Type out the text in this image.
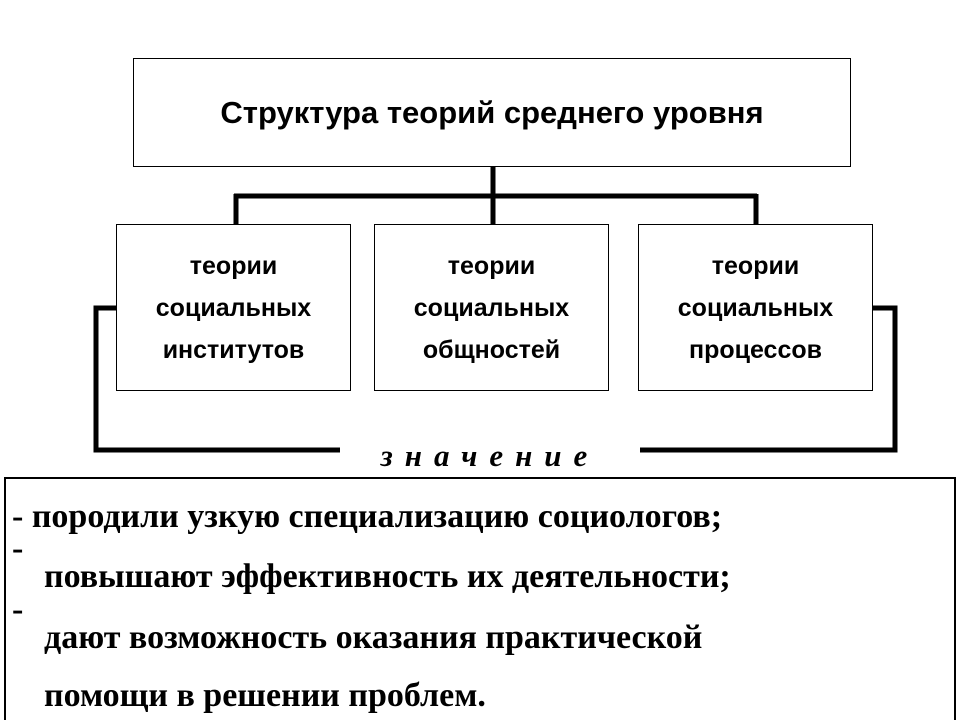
Структура теорий среднего уровня
теории
социальных
институтов
теории
социальных
общностей
теории
социальных
процессов
значение
- породили узкую специализацию социологов;
-
повышают эффективность их деятельности;
-
дают возможность оказания практической
помощи в решении проблем.
